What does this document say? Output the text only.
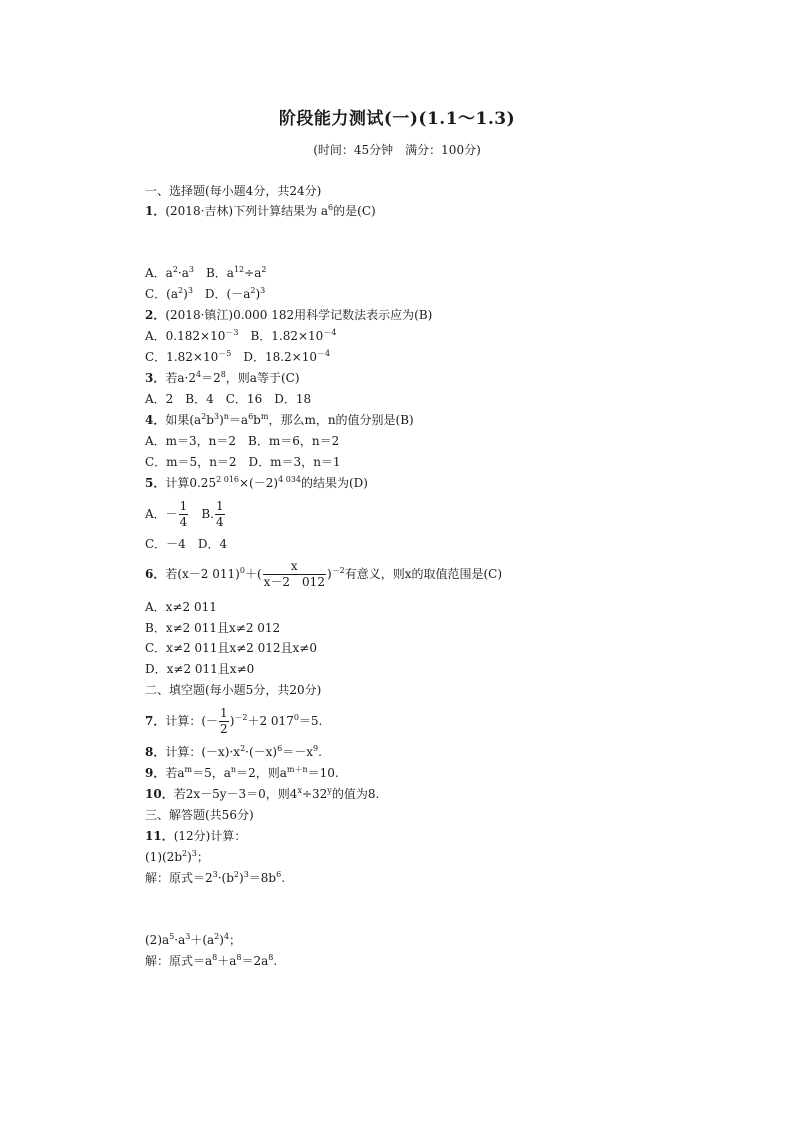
阶段能力测试(一)(1.1～1.3)
(时间：45分钟　满分：100分)
一、选择题(每小题4分，共24分)
1．(2018·吉林)下列计算结果为 $a^6$的是(C)
A．$a^2\cdot a^3$　B．$a^{12}\div a^2$
C．$(a^2)^3$　D．$(-a^2)^3$
2．(2018·镇江)0.000 182用科学记数法表示应为(B)
A．$0.182\times 10^{-3}$　B．$1.82\times 10^{-4}$
C．$1.82\times 10^{-5}$　D．$18.2\times 10^{-4}$
3．若$a\cdot 2^4=2^8$，则a等于(C)
A．2　B．4　C．16　D．18
4．如果$(a^2b^3)^n=a^6b^m$，那么m，n的值分别是(B)
A．m＝3，n＝2　B．m＝6，n＝2
C．m＝5，n＝2　D．m＝3，n＝1
5．计算$0.25^{2 016}\times(-2)^{4 034}$的结果为(D)
A．－ $\frac{1}{4}$ 　B. $\frac{1}{4}$
C．－4　D．4
6．若(x－2 $011)^0+( \frac{x}{x-2 012} )^{-2}$有意义，则x的取值范围是(C)
A．x≠2 011
B．x≠2 011且x≠2 012
C．x≠2 011且x≠2 012且x≠0
D．x≠2 011且x≠0
二、填空题(每小题5分，共20分)
7．计算：(－ $\frac{1}{2} )^{-2}+2$ $017^0=5$.
8．计算：$(-x)\cdot x^2\cdot(-x)^6=-x^9$.
9．若$a^m=5$，$a^n=2$，则$a^{m+n}=10$.
10．若2x－5y－3＝0，则$4^x\div 32^y$的值为8.
三、解答题(共56分)
11．(12分)计算：
$(1)(2b^2)^3$；
解：原式$=2^3\cdot(b^2)^3=8b^6$.
$(2)a^5\cdot a^3+(a^2)^4$；
解：原式$=a^8+a^8=2a^8$.
